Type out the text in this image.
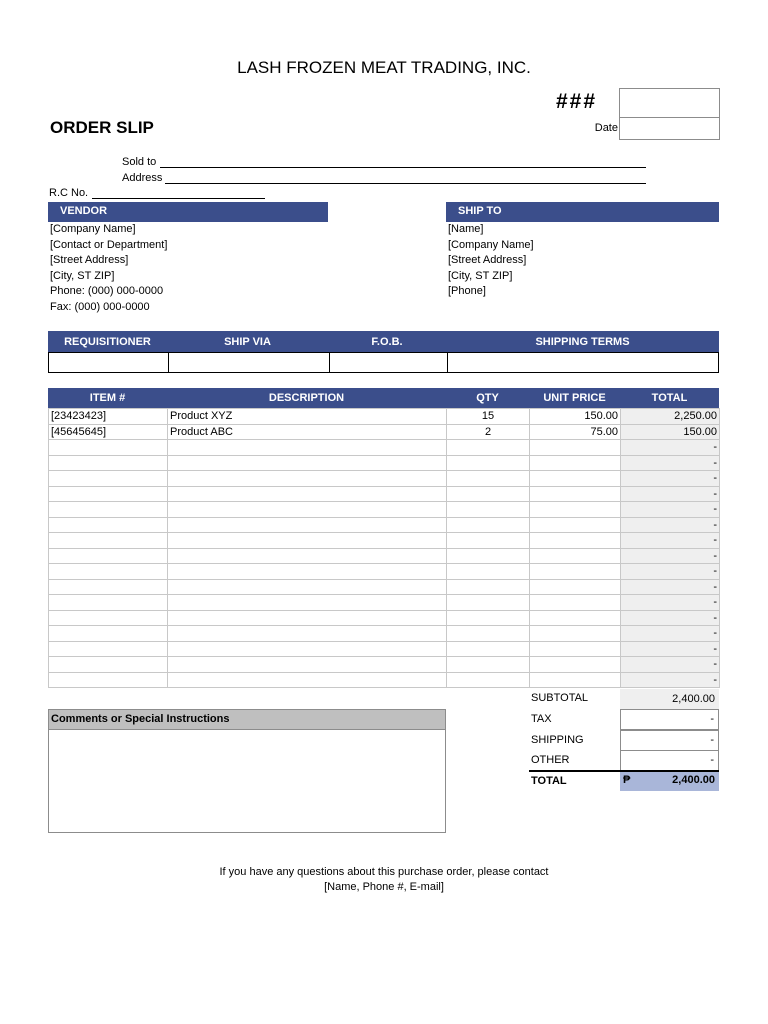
LASH FROZEN MEAT TRADING, INC.
###
ORDER SLIP	Date
Sold to
Address
R.C No.
VENDOR	SHIP TO
[Company Name]
[Contact or Department]
[Street Address]
[City, ST ZIP]
Phone: (000) 000-0000
Fax: (000) 000-0000
[Name]
[Company Name]
[Street Address]
[City, ST ZIP]
[Phone]
REQUISITIONER	SHIP VIA	F.O.B.	SHIPPING TERMS
ITEM #	DESCRIPTION	QTY	UNIT PRICE	TOTAL
[23423423]	Product XYZ	15	150.00	2,250.00
[45645645]	Product ABC	2	75.00	150.00
				-
				-
				-
				-
				-
				-
				-
				-
				-
				-
				-
				-
				-
				-
				-
				-
Comments or Special Instructions
SUBTOTAL	2,400.00
TAX	-
SHIPPING	-
OTHER	-
TOTAL	₱	2,400.00
If you have any questions about this purchase order, please contact
[Name, Phone #, E-mail]
